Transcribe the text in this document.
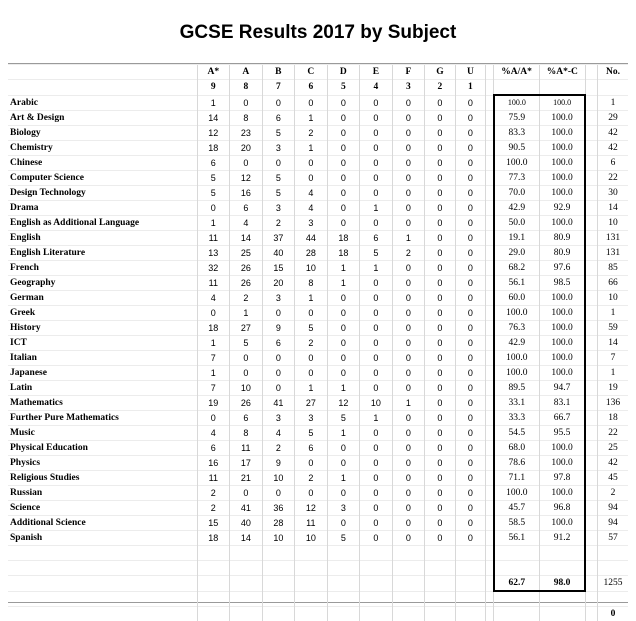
GCSE Results 2017 by Subject
	A*	A	B	C	D	E	F	G	U		%A/A*	%A*-C		No.
	9	8	7	6	5	4	3	2	1					
Arabic	1	0	0	0	0	0	0	0	0		100.0	100.0		1
Art & Design	14	8	6	1	0	0	0	0	0		75.9	100.0		29
Biology	12	23	5	2	0	0	0	0	0		83.3	100.0		42
Chemistry	18	20	3	1	0	0	0	0	0		90.5	100.0		42
Chinese	6	0	0	0	0	0	0	0	0		100.0	100.0		6
Computer Science	5	12	5	0	0	0	0	0	0		77.3	100.0		22
Design Technology	5	16	5	4	0	0	0	0	0		70.0	100.0		30
Drama	0	6	3	4	0	1	0	0	0		42.9	92.9		14
English as Additional Language	1	4	2	3	0	0	0	0	0		50.0	100.0		10
English	11	14	37	44	18	6	1	0	0		19.1	80.9		131
English Literature	13	25	40	28	18	5	2	0	0		29.0	80.9		131
French	32	26	15	10	1	1	0	0	0		68.2	97.6		85
Geography	11	26	20	8	1	0	0	0	0		56.1	98.5		66
German	4	2	3	1	0	0	0	0	0		60.0	100.0		10
Greek	0	1	0	0	0	0	0	0	0		100.0	100.0		1
History	18	27	9	5	0	0	0	0	0		76.3	100.0		59
ICT	1	5	6	2	0	0	0	0	0		42.9	100.0		14
Italian	7	0	0	0	0	0	0	0	0		100.0	100.0		7
Japanese	1	0	0	0	0	0	0	0	0		100.0	100.0		1
Latin	7	10	0	1	1	0	0	0	0		89.5	94.7		19
Mathematics	19	26	41	27	12	10	1	0	0		33.1	83.1		136
Further Pure Mathematics	0	6	3	3	5	1	0	0	0		33.3	66.7		18
Music	4	8	4	5	1	0	0	0	0		54.5	95.5		22
Physical Education	6	11	2	6	0	0	0	0	0		68.0	100.0		25
Physics	16	17	9	0	0	0	0	0	0		78.6	100.0		42
Religious Studies	11	21	10	2	1	0	0	0	0		71.1	97.8		45
Russian	2	0	0	0	0	0	0	0	0		100.0	100.0		2
Science	2	41	36	12	3	0	0	0	0		45.7	96.8		94
Additional Science	15	40	28	11	0	0	0	0	0		58.5	100.0		94
Spanish	18	14	10	10	5	0	0	0	0		56.1	91.2		57

											62.7	98.0		1255

														0
